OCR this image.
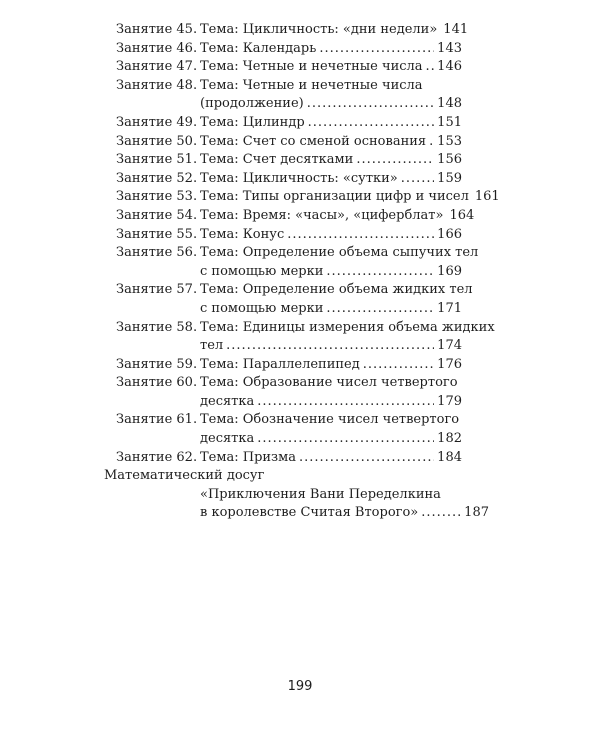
Занятие 45. Тема: Цикличность: «дни недели» 141
Занятие 46. Тема: Календарь .....	143
Занятие 47. Тема: Четные и нечетные числа ..... 146
Занятие 48. Тема: Четные и нечетные числа
(продолжение) .....	148
Занятие 49. Тема: Цилиндр .....	151
Занятие 50. Тема: Счет со сменой основания ..... 153
Занятие 51. Тема: Счет десятками .....	156
Занятие 52. Тема: Цикличность: «сутки» .....	159
Занятие 53. Тема: Типы организации цифр и чисел 161
Занятие 54. Тема: Время: «часы», «циферблат» 164
Занятие 55. Тема: Конус .....	166
Занятие 56. Тема: Определение объема сыпучих тел
с помощью мерки .....	169
Занятие 57. Тема: Определение объема жидких тел
с помощью мерки .....	171
Занятие 58. Тема: Единицы измерения объема жидких
тел .....	174
Занятие 59. Тема: Параллелепипед .....	176
Занятие 60. Тема: Образование чисел четвертого
десятка .....	179
Занятие 61. Тема: Обозначение чисел четвертого
десятка .....	182
Занятие 62. Тема: Призма .....	184
Математический досуг
«Приключения Вани Переделкина
в королевстве Считая Второго» .....	187
199
